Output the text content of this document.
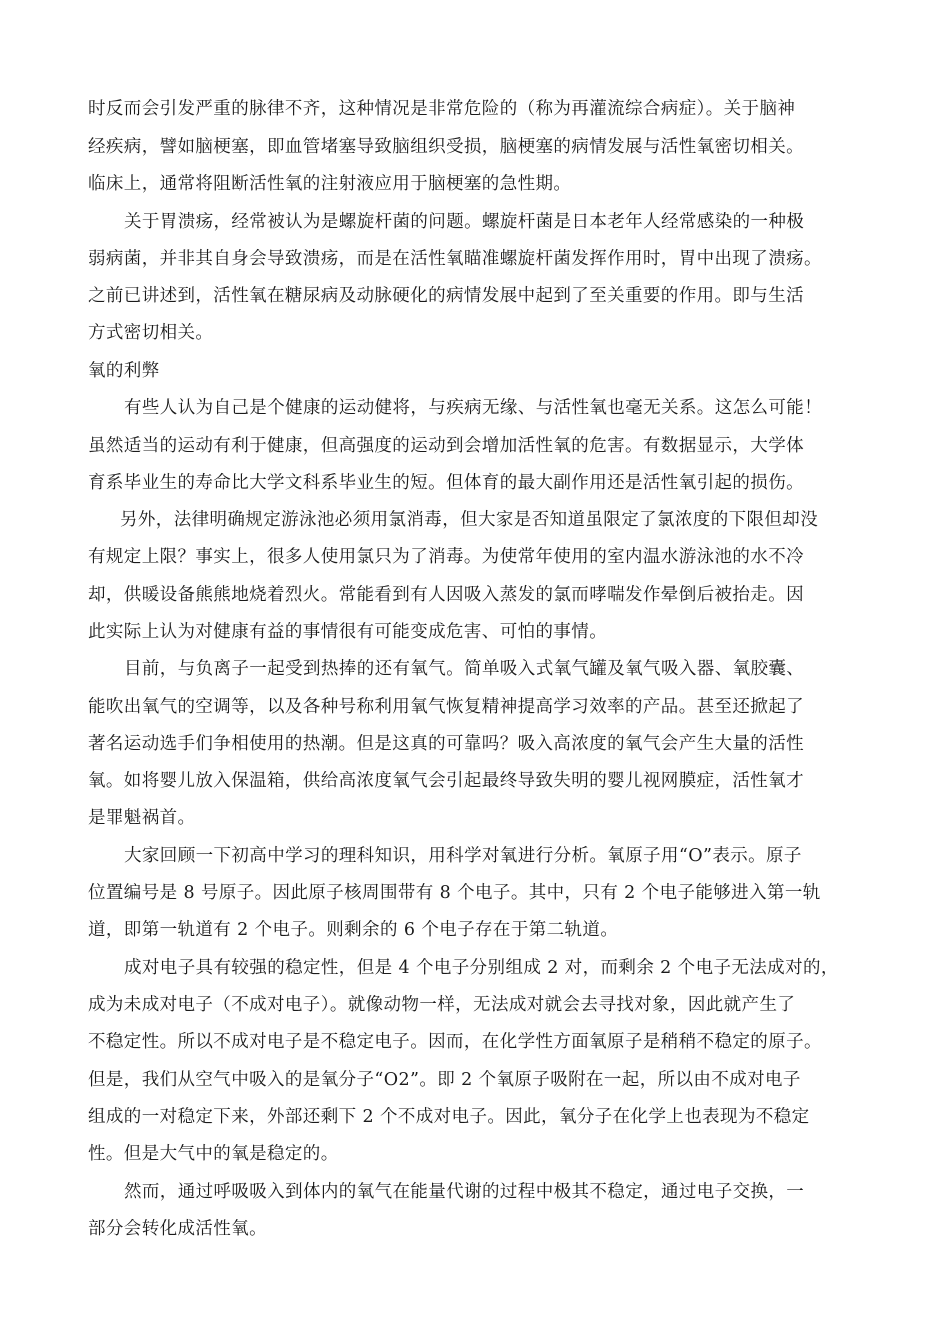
时反而会引发严重的脉律不齐，这种情况是非常危险的（称为再灌流综合病症）。关于脑神

经疾病，譬如脑梗塞，即血管堵塞导致脑组织受损，脑梗塞的病情发展与活性氧密切相关。

临床上，通常将阻断活性氧的注射液应用于脑梗塞的急性期。

关于胃溃疡，经常被认为是螺旋杆菌的问题。螺旋杆菌是日本老年人经常感染的一种极

弱病菌，并非其自身会导致溃疡，而是在活性氧瞄准螺旋杆菌发挥作用时，胃中出现了溃疡。

之前已讲述到，活性氧在糖尿病及动脉硬化的病情发展中起到了至关重要的作用。即与生活

方式密切相关。

氧的利弊

有些人认为自己是个健康的运动健将，与疾病无缘、与活性氧也毫无关系。这怎么可能！

虽然适当的运动有利于健康，但高强度的运动到会增加活性氧的危害。有数据显示，大学体

育系毕业生的寿命比大学文科系毕业生的短。但体育的最大副作用还是活性氧引起的损伤。

另外，法律明确规定游泳池必须用氯消毒，但大家是否知道虽限定了氯浓度的下限但却没

有规定上限？事实上，很多人使用氯只为了消毒。为使常年使用的室内温水游泳池的水不冷

却，供暖设备熊熊地烧着烈火。常能看到有人因吸入蒸发的氯而哮喘发作晕倒后被抬走。因

此实际上认为对健康有益的事情很有可能变成危害、可怕的事情。

目前，与负离子一起受到热捧的还有氧气。简单吸入式氧气罐及氧气吸入器、氧胶囊、

能吹出氧气的空调等，以及各种号称利用氧气恢复精神提高学习效率的产品。甚至还掀起了

著名运动选手们争相使用的热潮。但是这真的可靠吗？吸入高浓度的氧气会产生大量的活性

氧。如将婴儿放入保温箱，供给高浓度氧气会引起最终导致失明的婴儿视网膜症，活性氧才

是罪魁祸首。

大家回顾一下初高中学习的理科知识，用科学对氧进行分析。氧原子用“O”表示。原子

位置编号是 8 号原子。因此原子核周围带有 8 个电子。其中，只有 2 个电子能够进入第一轨

道，即第一轨道有 2 个电子。则剩余的 6 个电子存在于第二轨道。

成对电子具有较强的稳定性，但是 4 个电子分别组成 2 对，而剩余 2 个电子无法成对的，

成为未成对电子（不成对电子）。就像动物一样，无法成对就会去寻找对象，因此就产生了

不稳定性。所以不成对电子是不稳定电子。因而，在化学性方面氧原子是稍稍不稳定的原子。

但是，我们从空气中吸入的是氧分子“O2”。即 2 个氧原子吸附在一起，所以由不成对电子

组成的一对稳定下来，外部还剩下 2 个不成对电子。因此，氧分子在化学上也表现为不稳定

性。但是大气中的氧是稳定的。

然而，通过呼吸吸入到体内的氧气在能量代谢的过程中极其不稳定，通过电子交换，一

部分会转化成活性氧。
